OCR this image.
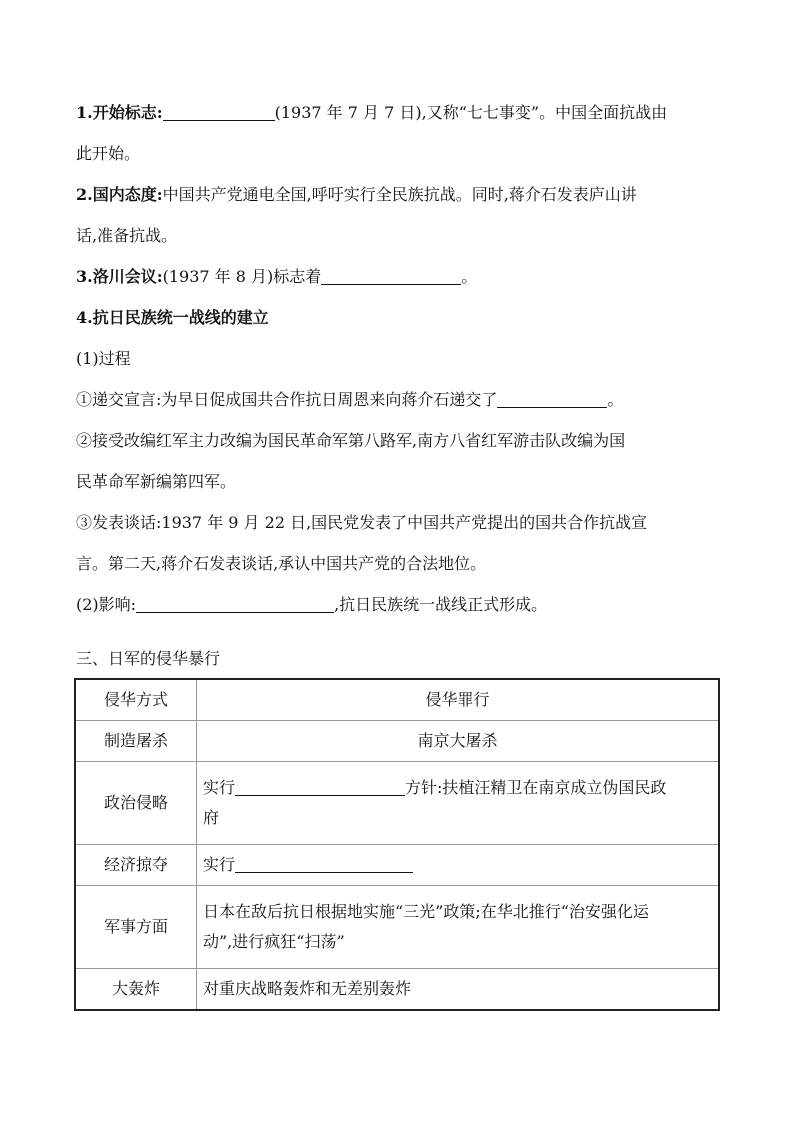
1.开始标志:	(1937 年 7 月 7 日),又称“七七事变”。中国全面抗战由
此开始。
2.国内态度:中国共产党通电全国,呼吁实行全民族抗战。同时,蒋介石发表庐山讲
话,准备抗战。
3.洛川会议:(1937 年 8 月)标志着	。
4.抗日民族统一战线的建立
(1)过程
①递交宣言:为早日促成国共合作抗日周恩来向蒋介石递交了	。
②接受改编红军主力改编为国民革命军第八路军,南方八省红军游击队改编为国
民革命军新编第四军。
③发表谈话:1937 年 9 月 22 日,国民党发表了中国共产党提出的国共合作抗战宣
言。第二天,蒋介石发表谈话,承认中国共产党的合法地位。
(2)影响:	,抗日民族统一战线正式形成。
三、日军的侵华暴行
侵华方式	侵华罪行
制造屠杀	南京大屠杀
政治侵略	实行 方针:扶植汪精卫在南京成立伪国民政
府

经济掠夺	实行
军事方面	日本在敌后抗日根据地实施“三光”政策;在华北推行“治安强化运
动”,进行疯狂“扫荡”

大轰炸	对重庆战略轰炸和无差别轰炸
